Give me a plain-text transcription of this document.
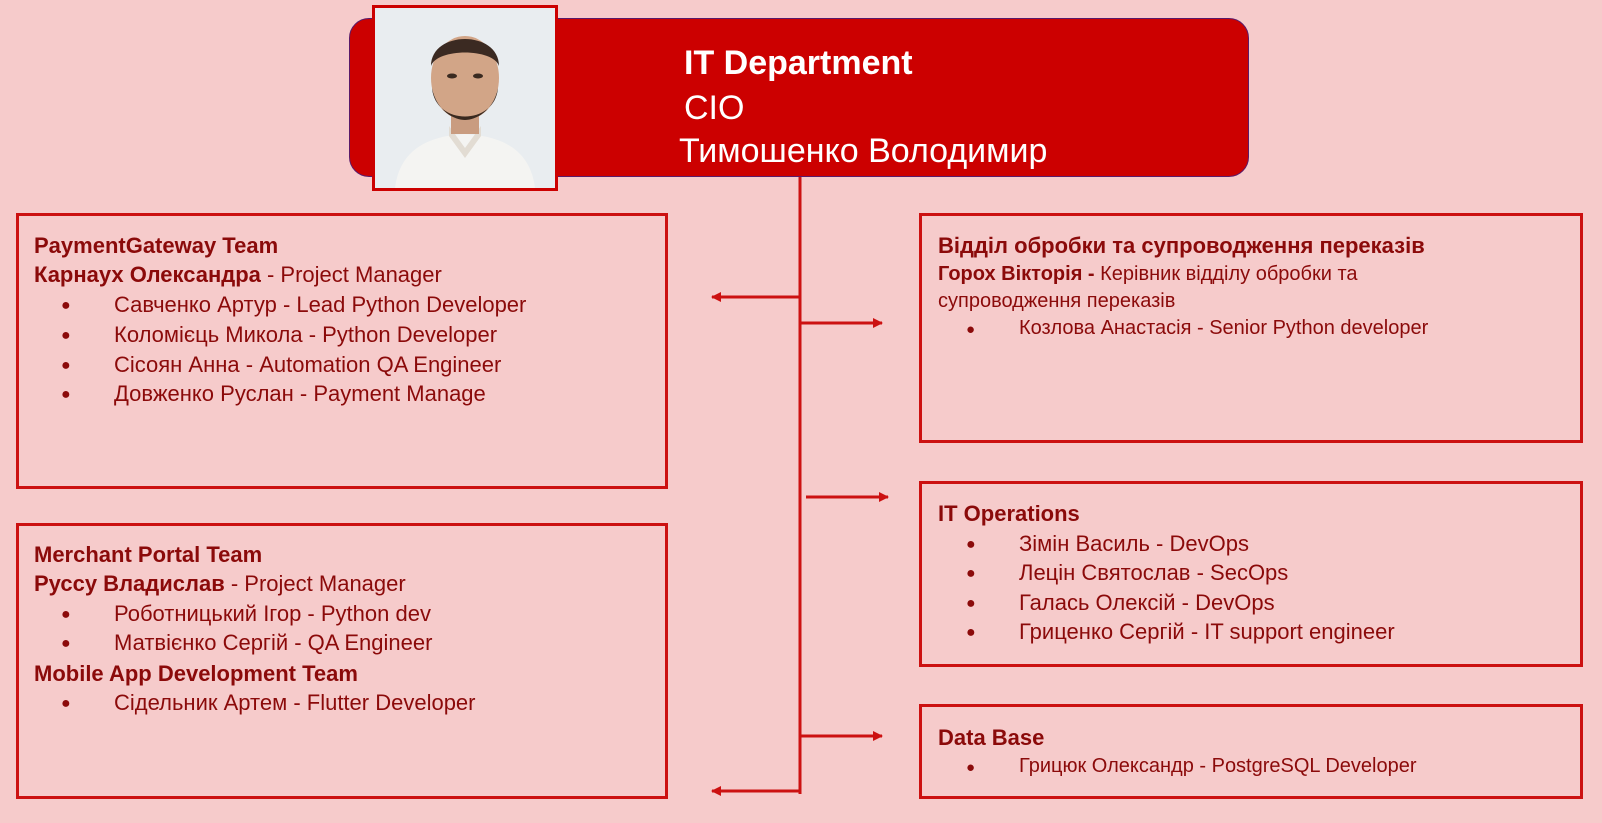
IT Department
CIO
Тимошенко Володимир
PaymentGateway Team
Карнаух Олександра - Project Manager
● Савченко Артур - Lead Python Developer
● Коломієць Микола - Python Developer
● Сісоян Анна - Automation QA Engineer
● Довженко Руслан - Payment Manage
Merchant Portal Team
Руссу Владислав - Project Manager
● Роботницький Ігор - Python dev
● Матвієнко Сергій - QA Engineer
Mobile App Development Team
● Сідельник Артем - Flutter Developer
Відділ обробки та супроводження переказів
Горох Вікторія - Керівник відділу обробки та
супроводження переказів
● Козлова Анастасія - Senior Python developer
IT Operations
● Зімін Василь - DevOps
● Лецін Святослав - SecOps
● Галась Олексій - DevOps
● Гриценко Сергій - IT support engineer
Data Base
● Грицюк Олександр - PostgreSQL Developer
